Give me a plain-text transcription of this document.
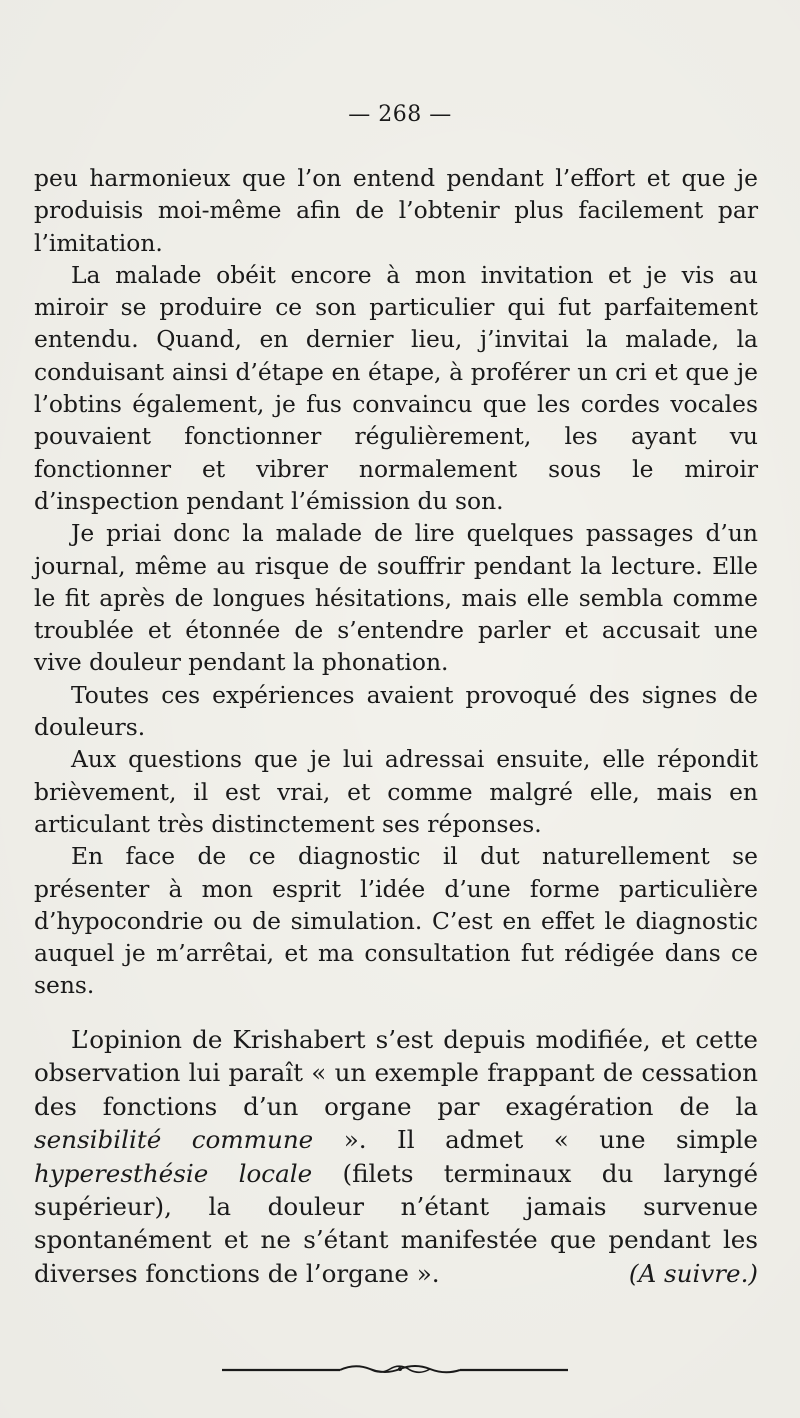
— 268 —

peu harmonieux que l’on entend pendant l’effort et que je produisis moi-même afin de l’obtenir plus facilement par l’imitation.

La malade obéit encore à mon invitation et je vis au miroir se produire ce son particulier qui fut parfaitement entendu. Quand, en dernier lieu, j’invitai la malade, la conduisant ainsi d’étape en étape, à proférer un cri et que je l’obtins également, je fus convaincu que les cordes vocales pouvaient fonctionner régulièrement, les ayant vu fonctionner et vibrer normalement sous le miroir d’inspection pendant l’émission du son.

Je priai donc la malade de lire quelques passages d’un journal, même au risque de souffrir pendant la lecture. Elle le fit après de longues hésitations, mais elle sembla comme troublée et étonnée de s’entendre parler et accusait une vive douleur pendant la phonation.

Toutes ces expériences avaient provoqué des signes de douleurs.

Aux questions que je lui adressai ensuite, elle répondit brièvement, il est vrai, et comme malgré elle, mais en articulant très distinctement ses réponses.

En face de ce diagnostic il dut naturellement se présenter à mon esprit l’idée d’une forme particulière d’hypocondrie ou de simulation. C’est en effet le diagnostic auquel je m’arrêtai, et ma consultation fut rédigée dans ce sens.

L’opinion de Krishabert s’est depuis modifiée, et cette observation lui paraît « un exemple frappant de cessation des fonctions d’un organe par exagération de la sensibilité commune ». Il admet « une simple hyperesthésie locale (filets terminaux du laryngé supérieur), la douleur n’étant jamais survenue spontanément et ne s’étant manifestée que pendant les diverses fonctions de l’organe ».	(A suivre.)
